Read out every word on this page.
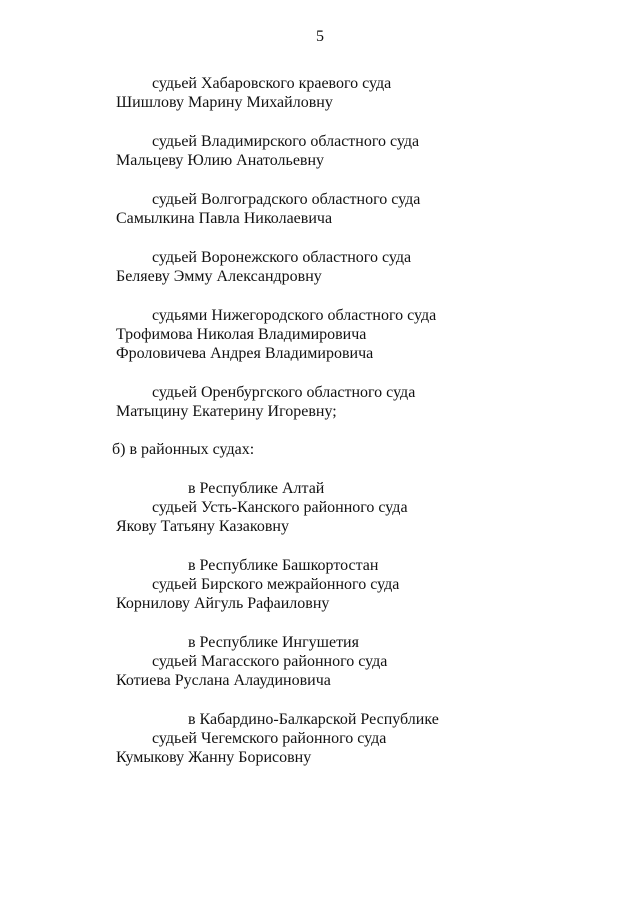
5
судьей Хабаровского краевого суда
Шишлову Марину Михайловну
судьей Владимирского областного суда
Мальцеву Юлию Анатольевну
судьей Волгоградского областного суда
Самылкина Павла Николаевича
судьей Воронежского областного суда
Беляеву Эмму Александровну
судьями Нижегородского областного суда
Трофимова Николая Владимировича
Фроловичева Андрея Владимировича
судьей Оренбургского областного суда
Матыцину Екатерину Игоревну;
б) в районных судах:
в Республике Алтай
судьей Усть-Канского районного суда
Якову Татьяну Казаковну
в Республике Башкортостан
судьей Бирского межрайонного суда
Корнилову Айгуль Рафаиловну
в Республике Ингушетия
судьей Магасского районного суда
Котиева Руслана Алаудиновича
в Кабардино-Балкарской Республике
судьей Чегемского районного суда
Кумыкову Жанну Борисовну
